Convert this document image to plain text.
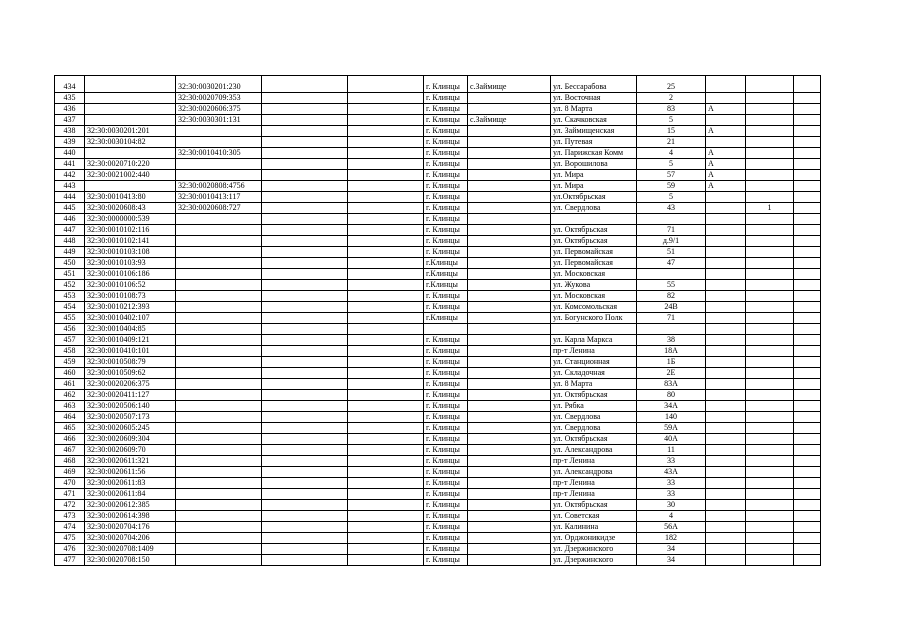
434		32:30:0030201:230			г. Клинцы	с.Займище	ул. Бессарабова	25			
435		32:30:0020709:353			г. Клинцы		ул. Восточная	2			
436		32:30:0020606:375			г. Клинцы		ул. 8 Марта	83	А		
437		32:30:0030301:131			г. Клинцы	с.Займище	ул. Скачковская	5			
438	32:30:0030201:201				г. Клинцы		ул. Займищенская	15	А		
439	32:30:0030104:82				г. Клинцы		ул. Путевая	21			
440		32:30:0010410:305			г. Клинцы		ул. Парижская Комм	4	А		
441	32:30:0020710:220				г. Клинцы		ул. Ворошилова	5	А		
442	32:30:0021002:440				г. Клинцы		ул. Мира	57	А		
443		32:30:0020808:4756			г. Клинцы		ул. Мира	59	А		
444	32:30:0010413:80	32:30:0010413:117			г. Клинцы		ул.Октябрьская	5			
445	32:30:0020608:43	32:30:0020608:727			г. Клинцы		ул. Свердлова	43		1	
446	32:30:0000000:539				г. Клинцы						
447	32:30:0010102:116				г. Клинцы		ул. Октябрьская	71			
448	32:30:0010102:141				г. Клинцы		ул. Октябрьская	д.9/1			
449	32:30:0010103:108				г. Клинцы		ул. Первомайская	51			
450	32:30:0010103:93				г.Клинцы		ул. Первомайская	47			
451	32:30:0010106:186				г.Клинцы		ул. Московская				
452	32:30:0010106:52				г.Клинцы		ул. Жукова	55			
453	32:30:0010108:73				г. Клинцы		ул. Московская	82			
454	32:30:0010212:393				г. Клинцы		ул. Комсомольская	24В			
455	32:30:0010402:107				г.Клинцы		ул. Богунского Полк	71			
456	32:30:0010404:85										
457	32:30:0010409:121				г. Клинцы		ул. Карла Маркса	38			
458	32:30:0010410:101				г. Клинцы		пр-т Ленина	18А			
459	32:30:0010508:79				г. Клинцы		ул. Станционная	1Б			
460	32:30:0010509:62				г. Клинцы		ул. Складочная	2Е			
461	32:30:0020206:375				г. Клинцы		ул. 8 Марта	83А			
462	32:30:0020411:127				г. Клинцы		ул. Октябрьская	80			
463	32:30:0020506:140				г. Клинцы		ул. Рябка	34А			
464	32:30:0020507:173				г. Клинцы		ул. Свердлова	140			
465	32:30:0020605:245				г. Клинцы		ул. Свердлова	59А			
466	32:30:0020609:304				г. Клинцы		ул. Октябрьская	40А			
467	32:30:0020609:70				г. Клинцы		ул. Александрова	11			
468	32:30:0020611:321				г. Клинцы		пр-т Ленина	33			
469	32:30:0020611:56				г. Клинцы		ул. Александрова	43А			
470	32:30:0020611:83				г. Клинцы		пр-т Ленина	33			
471	32:30:0020611:84				г. Клинцы		пр-т Ленина	33			
472	32:30:0020612:385				г. Клинцы		ул. Октябрьская	30			
473	32:30:0020614:398				г. Клинцы		ул. Советская	4			
474	32:30:0020704:176				г. Клинцы		ул. Калинина	56А			
475	32:30:0020704:206				г. Клинцы		ул. Орджоникидзе	182			
476	32:30:0020708:1409				г. Клинцы		ул. Дзержинского	34			
477	32:30:0020708:150				г. Клинцы		ул. Дзержинского	34			
